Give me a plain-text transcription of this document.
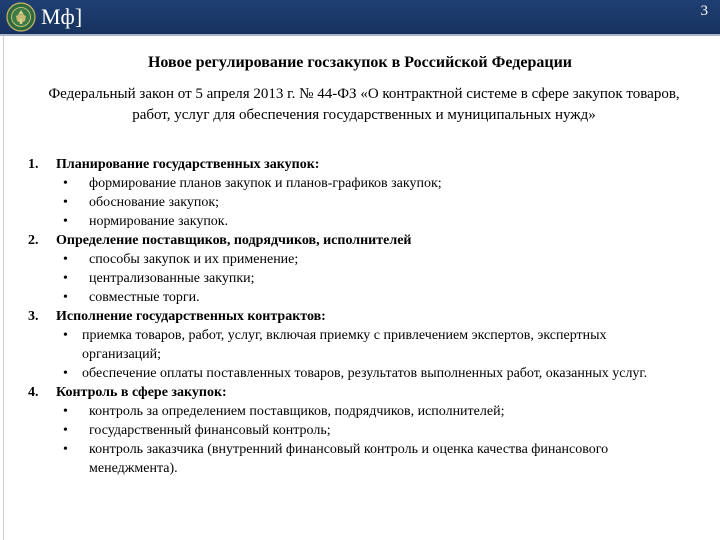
Мф]	3
Новое регулирование госзакупок в Российской Федерации
Федеральный закон от 5 апреля 2013 г. № 44-ФЗ «О контрактной системе в сфере закупок товаров, работ, услуг для обеспечения государственных и муниципальных нужд»
1. Планирование государственных закупок:
• формирование планов закупок и планов-графиков закупок;
• обоснование закупок;
• нормирование закупок.
2. Определение поставщиков, подрядчиков, исполнителей
• способы закупок и их применение;
• централизованные закупки;
• совместные торги.
3. Исполнение государственных контрактов:
• приемка товаров, работ, услуг, включая приемку с привлечением экспертов, экспертных организаций;
• обеспечение оплаты поставленных товаров, результатов выполненных работ, оказанных услуг.
4. Контроль в сфере закупок:
• контроль за определением поставщиков, подрядчиков, исполнителей;
• государственный финансовый контроль;
• контроль заказчика (внутренний финансовый контроль и оценка качества финансового менеджмента).
